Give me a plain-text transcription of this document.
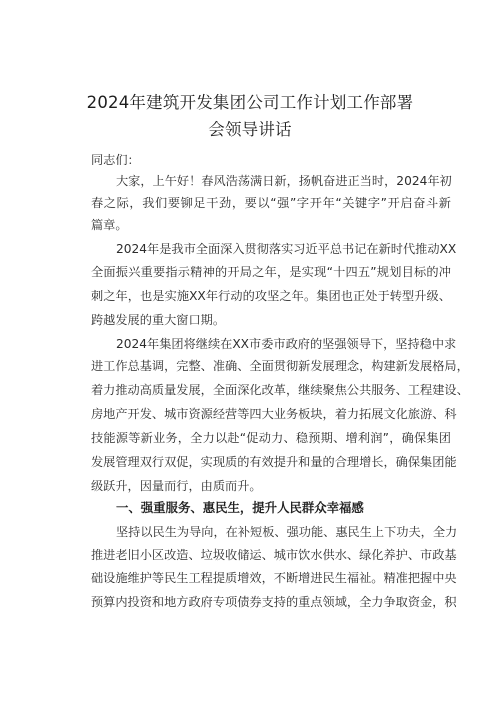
2024年建筑开发集团公司工作计划工作部署
会领导讲话
同志们：
大家，上午好！春风浩荡满日新，扬帆奋进正当时，2024年初
春之际，我们要铆足干劲，要以“强”字开年“关键字”开启奋斗新
篇章。
2024年是我市全面深入贯彻落实习近平总书记在新时代推动XX
全面振兴重要指示精神的开局之年，是实现“十四五”规划目标的冲
刺之年，也是实施XX年行动的攻坚之年。集团也正处于转型升级、
跨越发展的重大窗口期。
2024年集团将继续在XX市委市政府的坚强领导下，坚持稳中求
进工作总基调，完整、准确、全面贯彻新发展理念，构建新发展格局，
着力推动高质量发展，全面深化改革，继续聚焦公共服务、工程建设、
房地产开发、城市资源经营等四大业务板块，着力拓展文化旅游、科
技能源等新业务，全力以赴“促动力、稳预期、增利润”，确保集团
发展管理双行双促，实现质的有效提升和量的合理增长，确保集团能
级跃升，因量而行，由质而升。
一、强重服务、惠民生，提升人民群众幸福感
坚持以民生为导向，在补短板、强功能、惠民生上下功夫，全力
推进老旧小区改造、垃圾收储运、城市饮水供水、绿化养护、市政基
础设施维护等民生工程提质增效，不断增进民生福祉。精准把握中央
预算内投资和地方政府专项债券支持的重点领域，全力争取资金，积
